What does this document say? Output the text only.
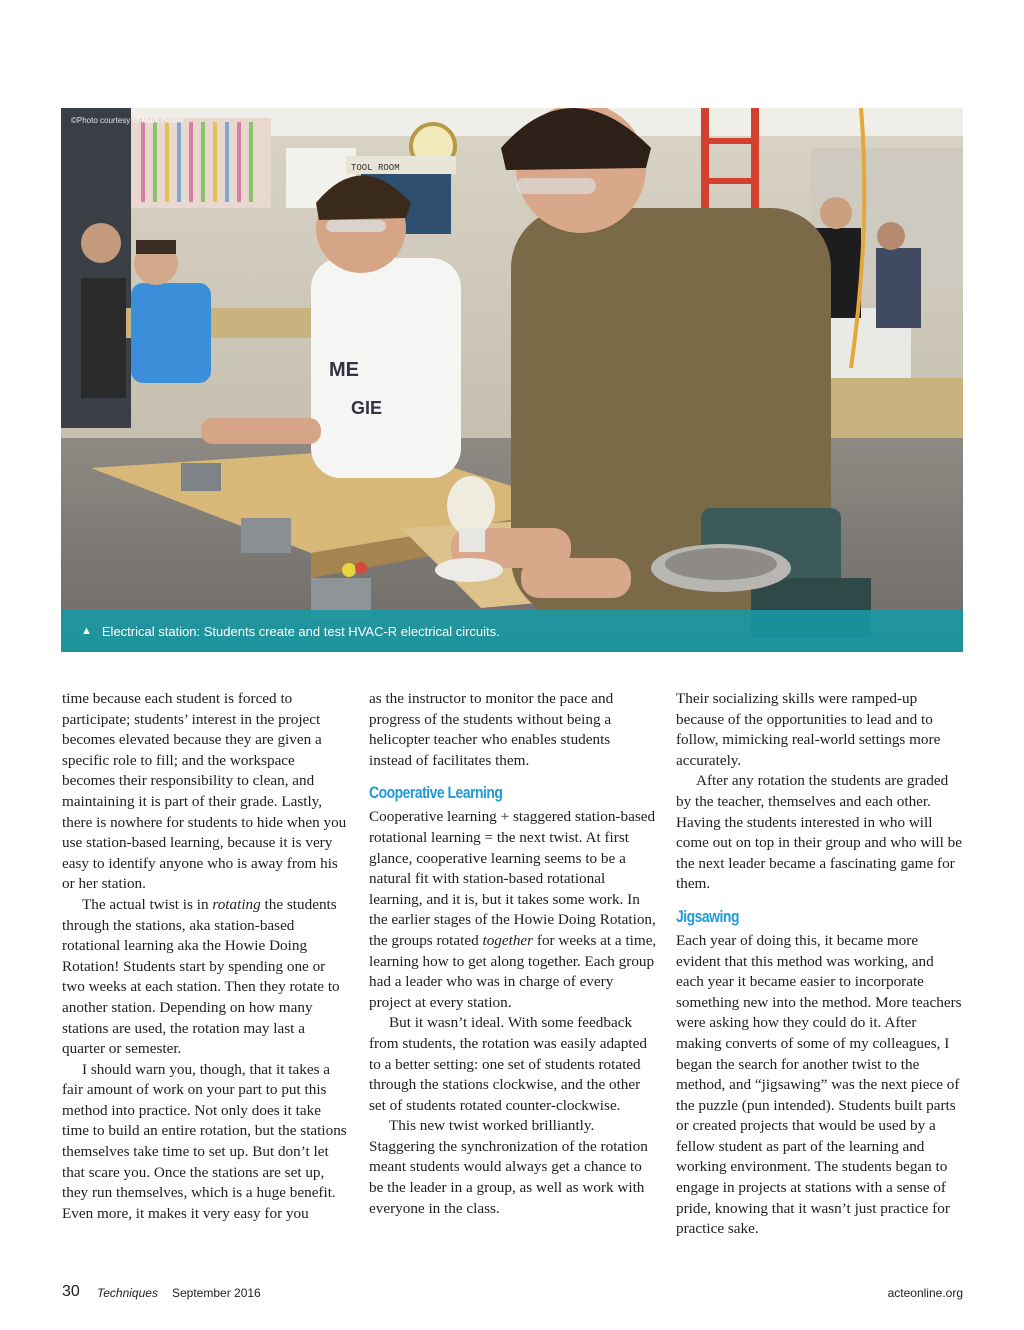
TOOL ROOM
ME
GIE
©Photo courtesy of Mark Howie
▲ Electrical station: Students create and test HVAC-R electrical circuits.

time because each student is forced to participate; students’ interest in the project becomes elevated because they are given a specific role to fill; and the workspace becomes their responsibility to clean, and maintaining it is part of their grade. Lastly, there is nowhere for students to hide when you use station-based learning, because it is very easy to identify anyone who is away from his or her station.

The actual twist is in rotating the students through the stations, aka station-based rotational learning aka the Howie Doing Rotation! Students start by spending one or two weeks at each station. Then they rotate to another station. Depending on how many stations are used, the rotation may last a quarter or semester.

I should warn you, though, that it takes a fair amount of work on your part to put this method into practice. Not only does it take time to build an entire rotation, but the stations themselves take time to set up. But don’t let that scare you. Once the stations are set up, they run themselves, which is a huge benefit. Even more, it makes it very easy for you

as the instructor to monitor the pace and progress of the students without being a helicopter teacher who enables students instead of facilitates them.

Cooperative Learning

Cooperative learning + staggered station-based rotational learning = the next twist. At first glance, cooperative learning seems to be a natural fit with station-based rotational learning, and it is, but it takes some work. In the earlier stages of the Howie Doing Rotation, the groups rotated together for weeks at a time, learning how to get along together. Each group had a leader who was in charge of every project at every station.

But it wasn’t ideal. With some feedback from students, the rotation was easily adapted to a better setting: one set of students rotated through the stations clockwise, and the other set of students rotated counter-clockwise.

This new twist worked brilliantly. Staggering the synchronization of the rotation meant students would always get a chance to be the leader in a group, as well as work with everyone in the class.

Their socializing skills were ramped-up because of the opportunities to lead and to follow, mimicking real-world settings more accurately.

After any rotation the students are graded by the teacher, themselves and each other. Having the students interested in who will come out on top in their group and who will be the next leader became a fascinating game for them.

Jigsawing

Each year of doing this, it became more evident that this method was working, and each year it became easier to incorporate something new into the method. More teachers were asking how they could do it. After making converts of some of my colleagues, I began the search for another twist to the method, and “jigsawing” was the next piece of the puzzle (pun intended). Students built parts or created projects that would be used by a fellow student as part of the learning and working environment. The students began to engage in projects at stations with a sense of pride, knowing that it wasn’t just practice for practice sake.

30 Techniques September 2016	acteonline.org
